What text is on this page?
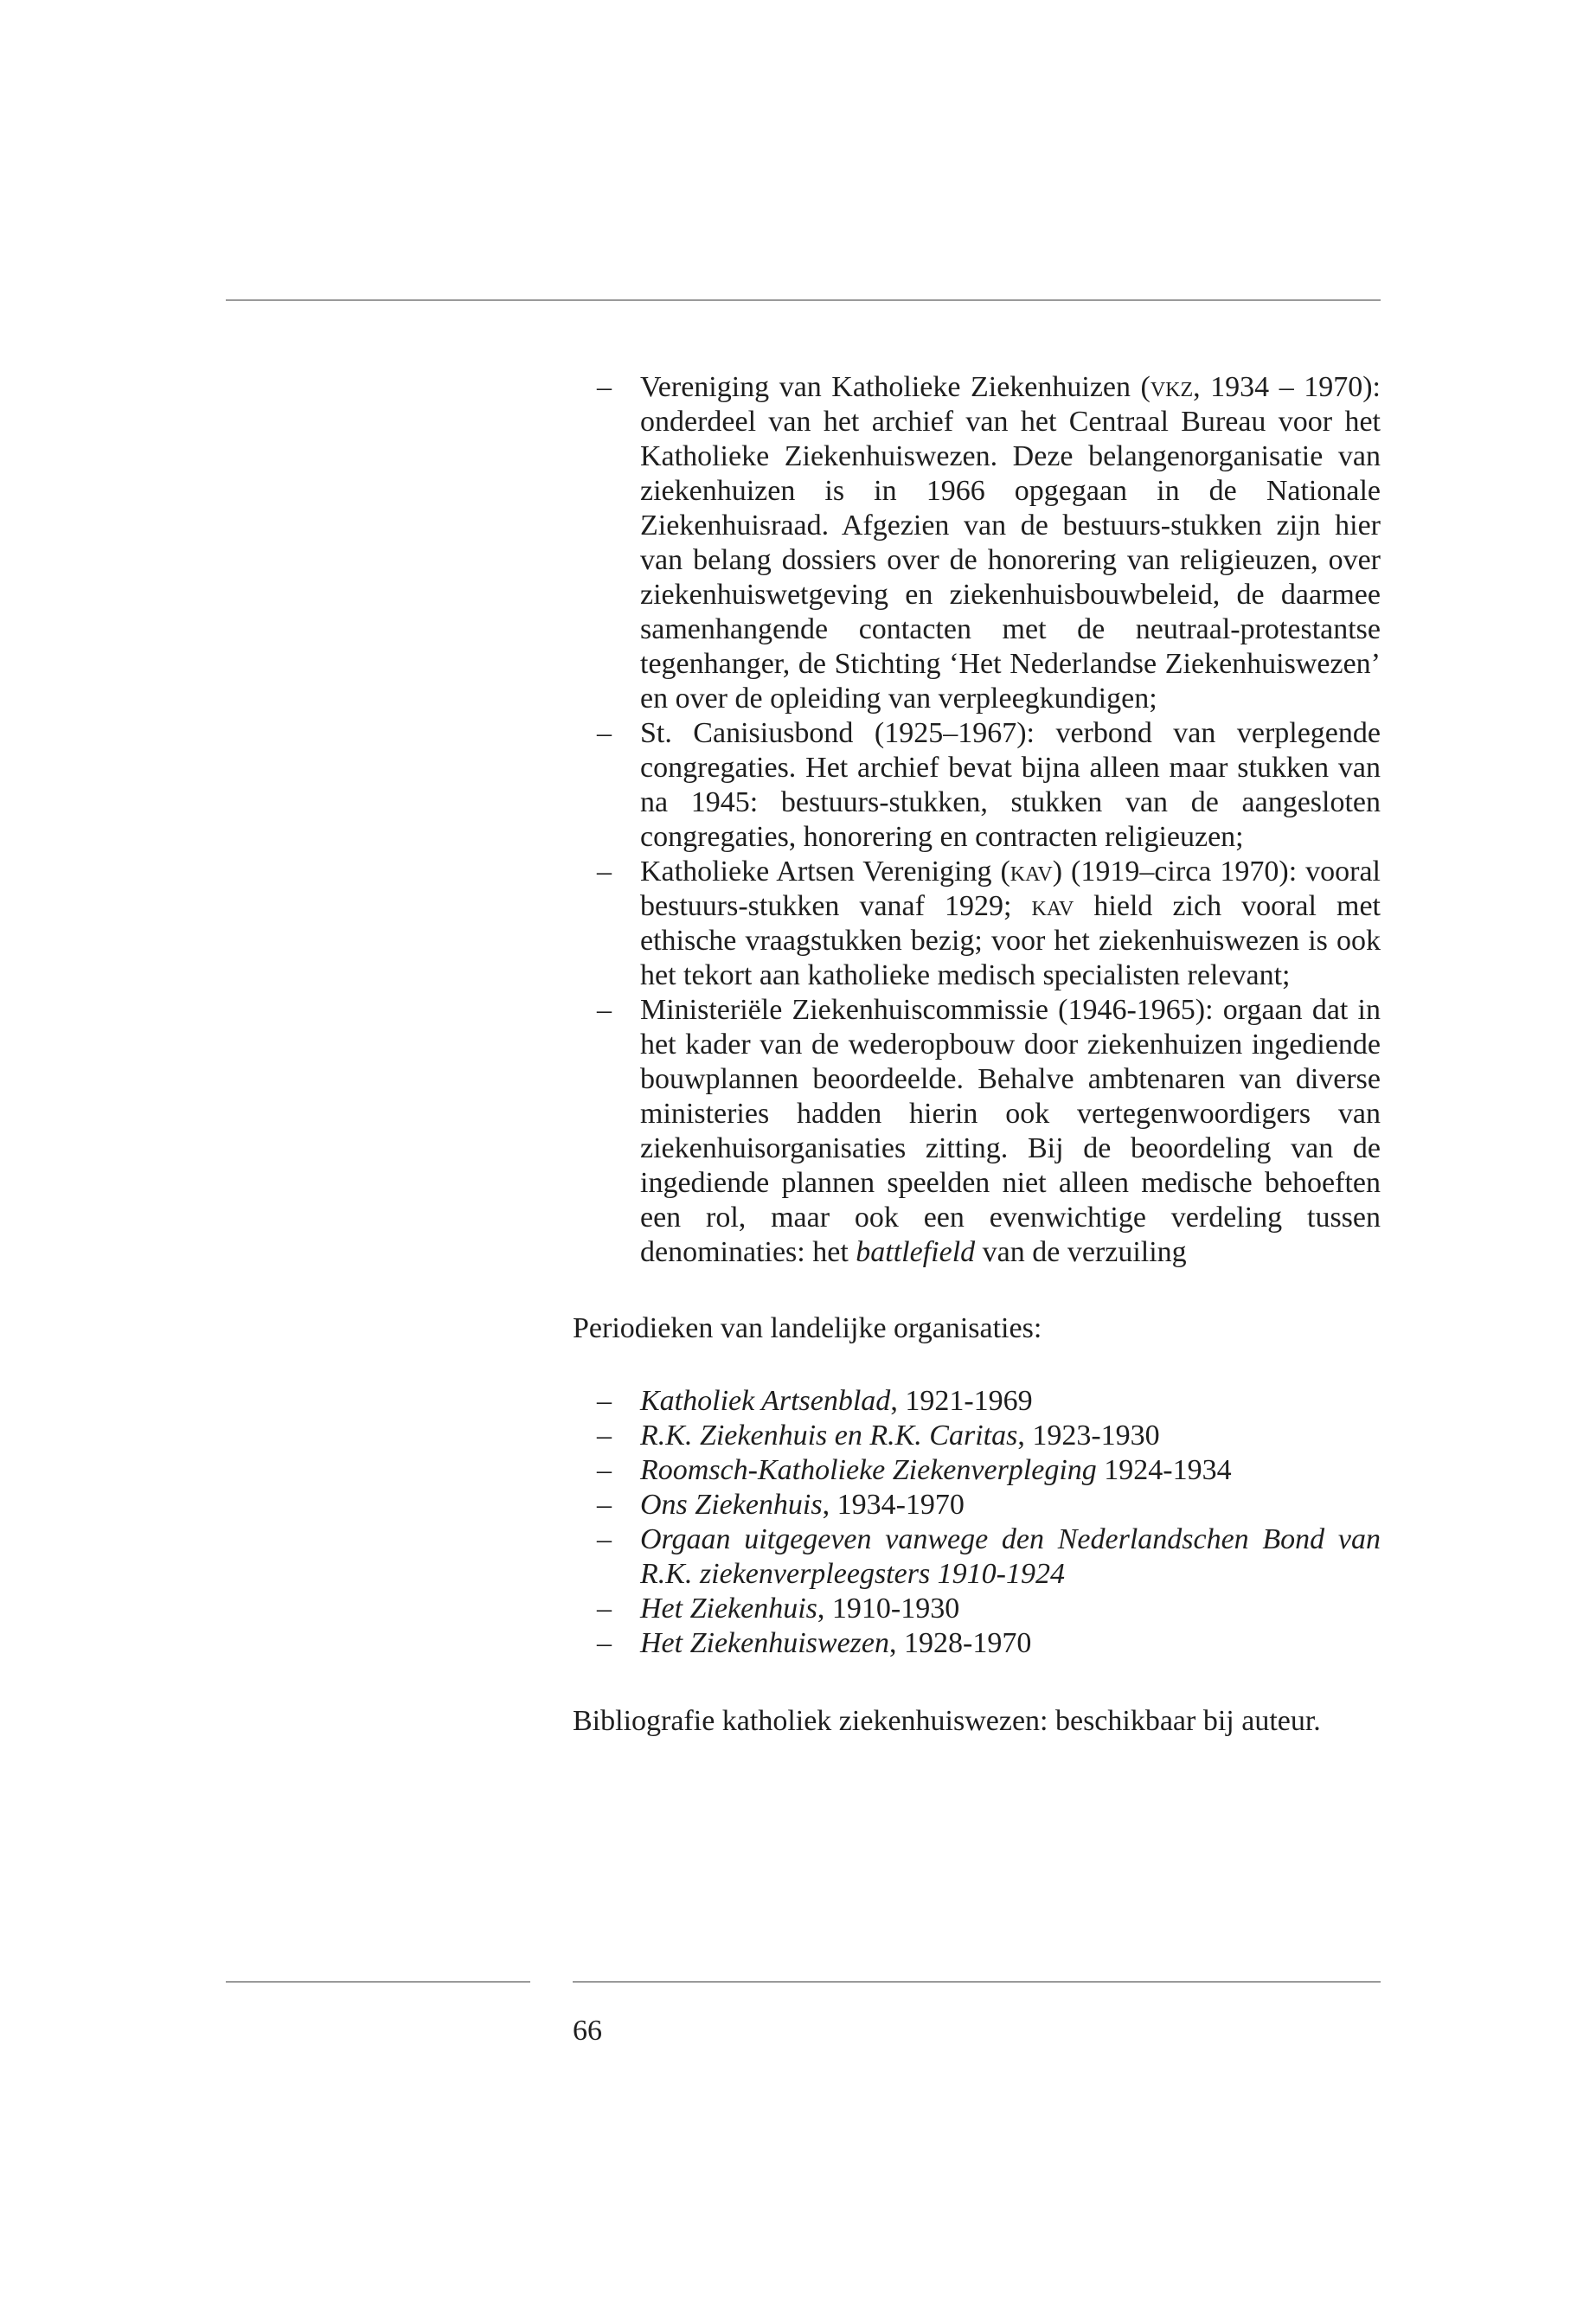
– Vereniging van Katholieke Ziekenhuizen (vkz, 1934 – 1970): onderdeel van het archief van het Centraal Bureau voor het Katholieke Ziekenhuiswezen. Deze belangenorganisatie van ziekenhuizen is in 1966 opgegaan in de Nationale Ziekenhuisraad. Afgezien van de bestuurs-stukken zijn hier van belang dossiers over de honorering van religieuzen, over ziekenhuiswetgeving en ziekenhuisbouwbeleid, de daarmee samenhangende contacten met de neutraal-protestantse tegenhanger, de Stichting ‘Het Nederlandse Ziekenhuiswezen’ en over de opleiding van verpleegkundigen;
– St. Canisiusbond (1925–1967): verbond van verplegende congregaties. Het archief bevat bijna alleen maar stukken van na 1945: bestuurs-stukken, stukken van de aangesloten congregaties, honorering en contracten religieuzen;
– Katholieke Artsen Vereniging (kav) (1919–circa 1970): vooral bestuurs-stukken vanaf 1929; kav hield zich vooral met ethische vraagstukken bezig; voor het ziekenhuiswezen is ook het tekort aan katholieke medisch specialisten relevant;
– Ministeriële Ziekenhuiscommissie (1946-1965): orgaan dat in het kader van de wederopbouw door ziekenhuizen ingediende bouwplannen beoordeelde. Behalve ambtenaren van diverse ministeries hadden hierin ook vertegenwoordigers van ziekenhuisorganisaties zitting. Bij de beoordeling van de ingediende plannen speelden niet alleen medische behoeften een rol, maar ook een evenwichtige verdeling tussen denominaties: het battlefield van de verzuiling

Periodieken van landelijke organisaties:

– Katholiek Artsenblad, 1921-1969
– R.K. Ziekenhuis en R.K. Caritas, 1923-1930
– Roomsch-Katholieke Ziekenverpleging 1924-1934
– Ons Ziekenhuis, 1934-1970
– Orgaan uitgegeven vanwege den Nederlandschen Bond van R.K. ziekenverpleegsters 1910-1924
– Het Ziekenhuis, 1910-1930
– Het Ziekenhuiswezen, 1928-1970

Bibliografie katholiek ziekenhuiswezen: beschikbaar bij auteur.

66
